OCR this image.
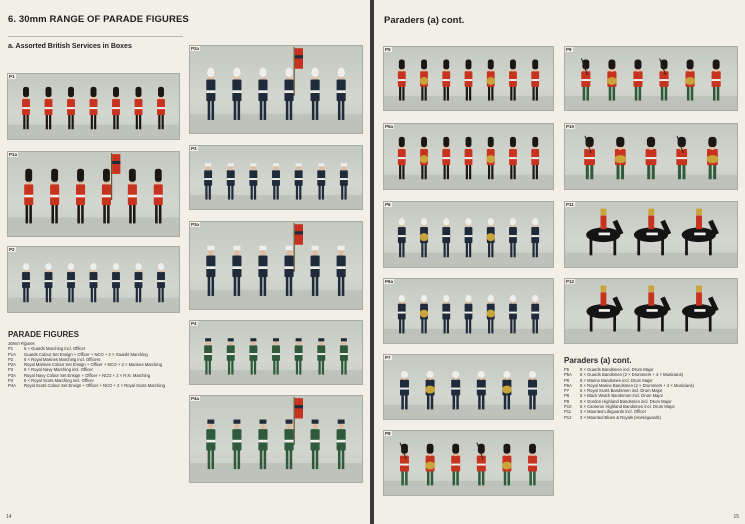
6. 30mm RANGE OF PARADE FIGURES
a. Assorted British Services in Boxes
P1
P1a
P2
P2a
P3
P3a
P4
P4a
PARADE FIGURES
30mm Figures
P1	6 × Guards Marching incl. Officer
P1A	Guards Colour Set Ensign + Officer + NCO + 2 × Guards Marching
P2	6 × Royal Marines Marching incl. Officers
P2A	Royal Marines Colour Set Ensign + Officer + NCO + 2 × Marines Marching
P3	6 × Royal Navy Marching incl. Officer
P3A	Royal Navy Colour Set Ensign + Officer + NCO + 2 × R.N. Marching
P4	6 × Royal Scots Marching incl. Officer
P4A	Royal Scots Colour Set Ensign + Officer + NCO + 2 × Royal Scots Marching
14
Paraders (a) cont.
P5
P5a
P6
P6a
P7
P8
P9
P10
P11
P12
Paraders (a) cont.
P5	6 × Guards Bandsmen incl. Drum Major
P5A	6 × Guards Bandsmen (2 × Drummers + 4 × Musicians)
P6	6 × Marine Bandsmen incl. Drum Major
P6A	6 × Royal Marine Bandsmen (2 × Drummers + 4 × Musicians)
P7	5 × Royal Scots Bandsmen incl. Drum Major
P8	5 × Black Watch Bandsmen incl. Drum Major
P9	5 × Gordon Highland Bandsmen incl. Drum Major
P10	5 × Cameron Highland Bandsmen incl. Drum Major
P11	3 × Mounted Lifeguards incl. Officer
P12	3 × Mounted Blues & Royals (Horseguards)
15
